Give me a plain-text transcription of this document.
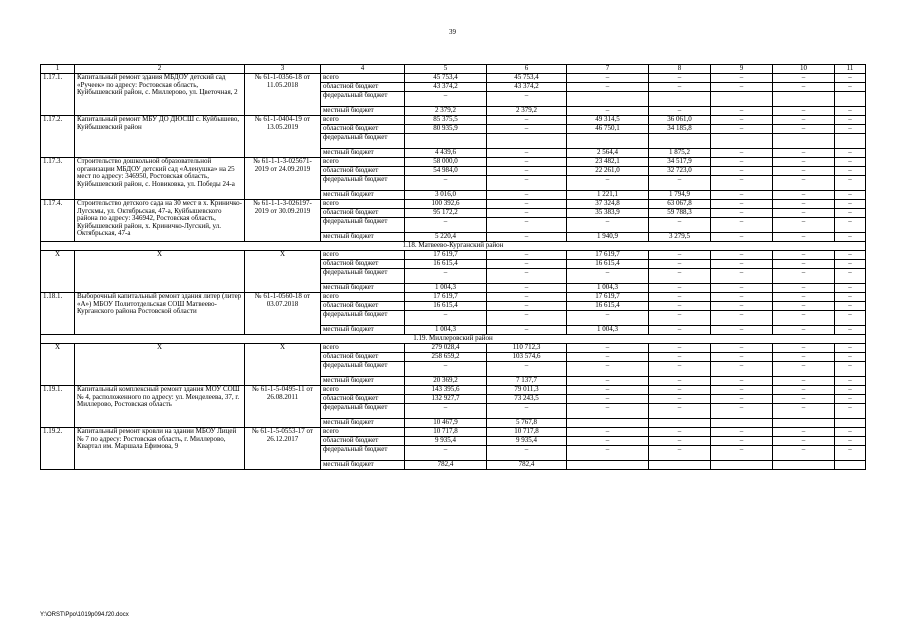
39
1	2	3	4	5	6	7	8	9	10	11
1.17.1.	Капитальный ремонт здания МБДОУ детский сад «Ручеек» по адресу: Ростовская область, Куйбышевский район, с. Миллерово, ул. Цветочная, 2	№ 61-1-0356-18 от 11.05.2018	всего	45 753,4	45 753,4	–	–	–	–	–
			областной бюджет	43 374,2	43 374,2	–	–	–	–	–
			федеральный бюджет	–	–					
			местный бюджет	2 379,2	2 379,2	–	–	–	–	–
1.17.2.	Капитальный ремонт МБУ ДО ДЮСШ с. Куйбышево, Куйбышевский район	№ 61-1-0404-19 от 13.05.2019	всего	85 375,5	–	49 314,5	36 061,0	–	–	–
			областной бюджет	80 935,9	–	46 750,1	34 185,8	–	–	–
			федеральный бюджет							
			местный бюджет	4 439,6	–	2 564,4	1 875,2	–	–	–
1.17.3.	Строительство дошкольной образовательной организации МБДОУ детский сад «Аленушка» на 25 мест по адресу: 346950, Ростовская область, Куйбышевский район, с. Новиковка, ул. Победы 24-а	№ 61-1-1-3-025671-2019 от 24.09.2019	всего	58 000,0	–	23 482,1	34 517,9	–	–	–
			областной бюджет	54 984,0	–	22 261,0	32 723,0	–	–	–
			федеральный бюджет	–	–	–	–	–	–	–
			местный бюджет	3 016,0	–	1 221,1	1 794,9	–	–	–
1.17.4.	Строительство детского сада на 30 мест в х. Криничко-Лугскмы, ул. Октябрьская, 47-а, Куйбышевского района по адресу: 346942, Ростовская область, Куйбышевский район, х. Криничко-Лугский, ул. Октябрьская, 47-а	№ 61-1-1-3-026197-2019 от 30.09.2019	всего	100 392,6	–	37 324,8	63 067,8	–	–	–
			областной бюджет	95 172,2	–	35 383,9	59 788,3	–	–	–
			федеральный бюджет	–	–	–	–	–	–	–
			местный бюджет	5 220,4	–	1 940,9	3 279,5	–	–	–
1.18. Матвеево-Курганский район										
X	X	X	всего	17 619,7	–	17 619,7	–	–	–	–
			областной бюджет	16 615,4	–	16 615,4	–	–	–	–
			федеральный бюджет	–	–	–	–	–	–	–
			местный бюджет	1 004,3	–	1 004,3	–	–	–	–
1.18.1.	Выборочный капитальный ремонт здания литер (литер «А») МБОУ Политотдельская СОШ Матвеево-Курганского района Ростовской области	№ 61-1-0560-18 от 03.07.2018	всего	17 619,7	–	17 619,7	–	–	–	–
			областной бюджет	16 615,4	–	16 615,4	–	–	–	–
			федеральный бюджет	–	–	–	–	–	–	–
			местный бюджет	1 004,3	–	1 004,3	–	–	–	–
1.19. Миллеровский район										
X	X	X	всего	279 028,4	110 712,3	–	–	–	–	–
			областной бюджет	258 659,2	103 574,6	–	–	–	–	–
			федеральный бюджет	–	–	–	–	–	–	–
			местный бюджет	20 369,2	7 137,7	–	–	–	–	–
1.19.1.	Капитальный комплексный ремонт здания МОУ СОШ № 4, расположенного по адресу: ул. Менделеева, 37, г. Миллерово, Ростовская область	№ 61-1-5-0495-11 от 26.08.2011	всего	143 395,6	79 011,3	–	–	–	–	–
			областной бюджет	132 927,7	73 243,5	–	–	–	–	–
			федеральный бюджет	–	–	–	–	–	–	–
			местный бюджет	10 467,9	5 767,8					
1.19.2.	Капитальный ремонт кровли на здании МБОУ Лицей № 7 по адресу: Ростовская область, г. Миллерово, Квартал им. Маршала Ефимова, 9	№ 61-1-5-0553-17 от 26.12.2017	всего	10 717,8	10 717,8	–	–	–	–	–
			областной бюджет	9 935,4	9 935,4	–	–	–	–	–
			федеральный бюджет	–	–	–	–	–	–	–
			местный бюджет	782,4	782,4					
Y:\ORST\Ppo\1019p094.f20.docx
